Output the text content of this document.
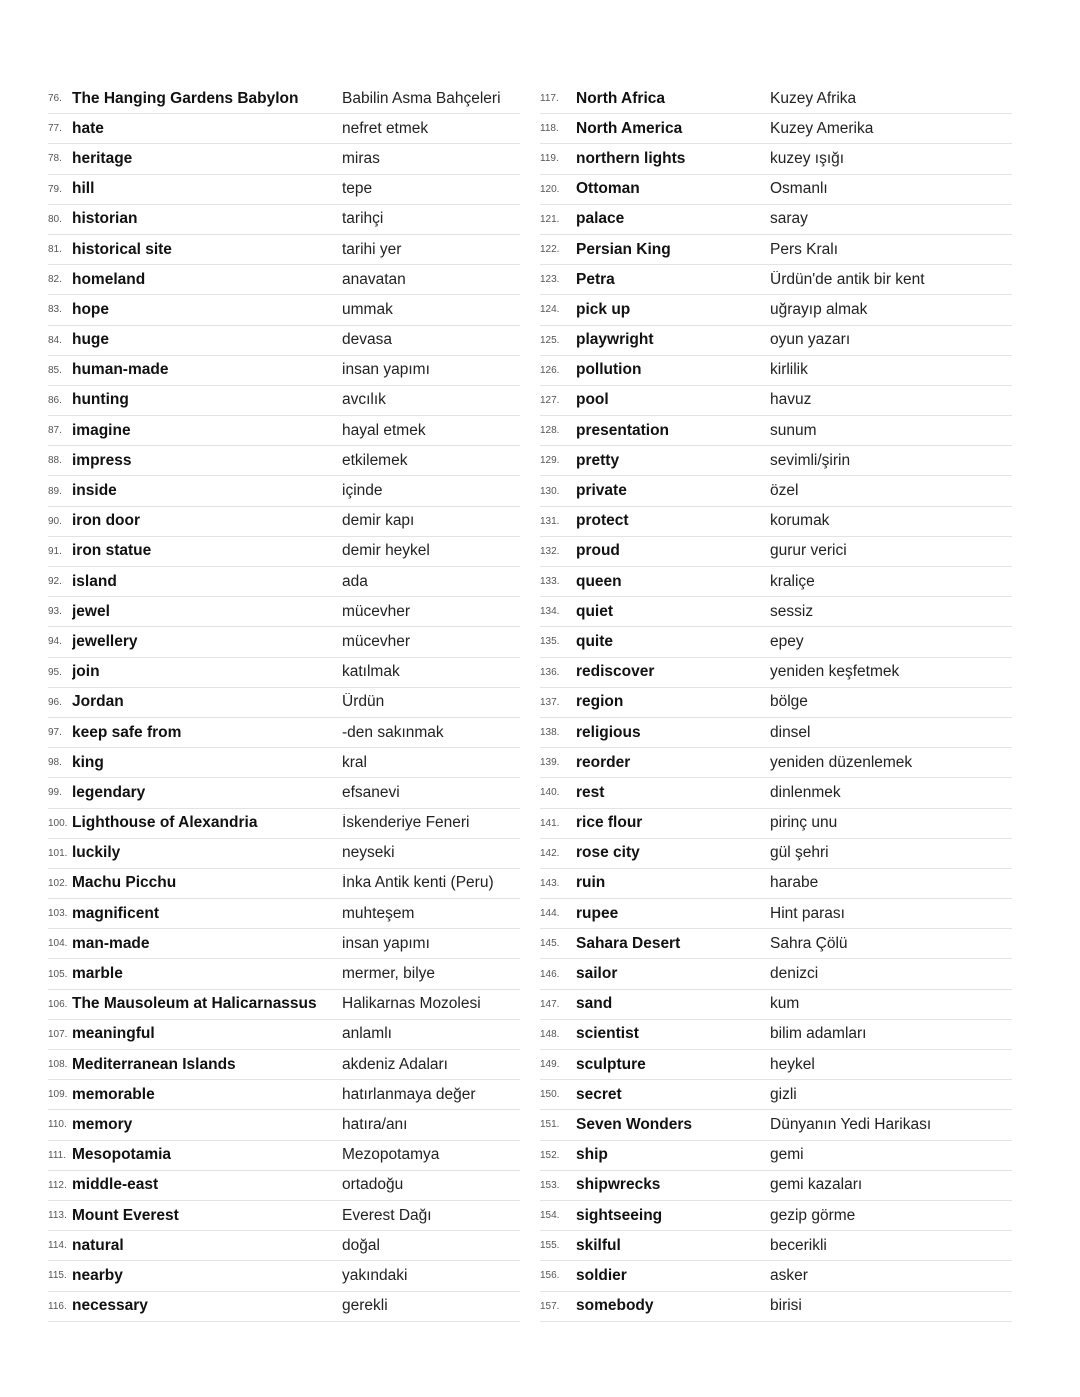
76. The Hanging Gardens Babylon	Babilin Asma Bahçeleri
77. hate	nefret etmek
78. heritage	miras
79. hill	tepe
80. historian	tarihçi
81. historical site	tarihi yer
82. homeland	anavatan
83. hope	ummak
84. huge	devasa
85. human-made	insan yapımı
86. hunting	avcılık
87. imagine	hayal etmek
88. impress	etkilemek
89. inside	içinde
90. iron door	demir kapı
91. iron statue	demir heykel
92. island	ada
93. jewel	mücevher
94. jewellery	mücevher
95. join	katılmak
96. Jordan	Ürdün
97. keep safe from	-den sakınmak
98. king	kral
99. legendary	efsanevi
100. Lighthouse of Alexandria	İskenderiye Feneri
101. luckily	neyseki
102. Machu Picchu	İnka Antik kenti (Peru)
103. magnificent	muhteşem
104. man-made	insan yapımı
105. marble	mermer, bilye
106. The Mausoleum at Halicarnassus	Halikarnas Mozolesi
107. meaningful	anlamlı
108. Mediterranean Islands	akdeniz Adaları
109. memorable	hatırlanmaya değer
110. memory	hatıra/anı
111. Mesopotamia	Mezopotamya
112. middle-east	ortadoğu
113. Mount Everest	Everest Dağı
114. natural	doğal
115. nearby	yakındaki
116. necessary	gerekli
117.	North Africa	Kuzey Afrika
118.	North America	Kuzey Amerika
119.	northern lights	kuzey ışığı
120.	Ottoman	Osmanlı
121.	palace	saray
122.	Persian King	Pers Kralı
123.	Petra	Ürdün'de antik bir kent
124.	pick up	uğrayıp almak
125.	playwright	oyun yazarı
126.	pollution	kirlilik
127.	pool	havuz
128.	presentation	sunum
129.	pretty	sevimli/şirin
130.	private	özel
131.	protect	korumak
132.	proud	gurur verici
133.	queen	kraliçe
134.	quiet	sessiz
135.	quite	epey
136.	rediscover	yeniden keşfetmek
137.	region	bölge
138.	religious	dinsel
139.	reorder	yeniden düzenlemek
140.	rest	dinlenmek
141.	rice flour	pirinç unu
142.	rose city	gül şehri
143.	ruin	harabe
144.	rupee	Hint parası
145.	Sahara Desert	Sahra Çölü
146.	sailor	denizci
147.	sand	kum
148.	scientist	bilim adamları
149.	sculpture	heykel
150.	secret	gizli
151.	Seven Wonders	Dünyanın Yedi Harikası
152.	ship	gemi
153.	shipwrecks	gemi kazaları
154.	sightseeing	gezip görme
155.	skilful	becerikli
156.	soldier	asker
157.	somebody	birisi
